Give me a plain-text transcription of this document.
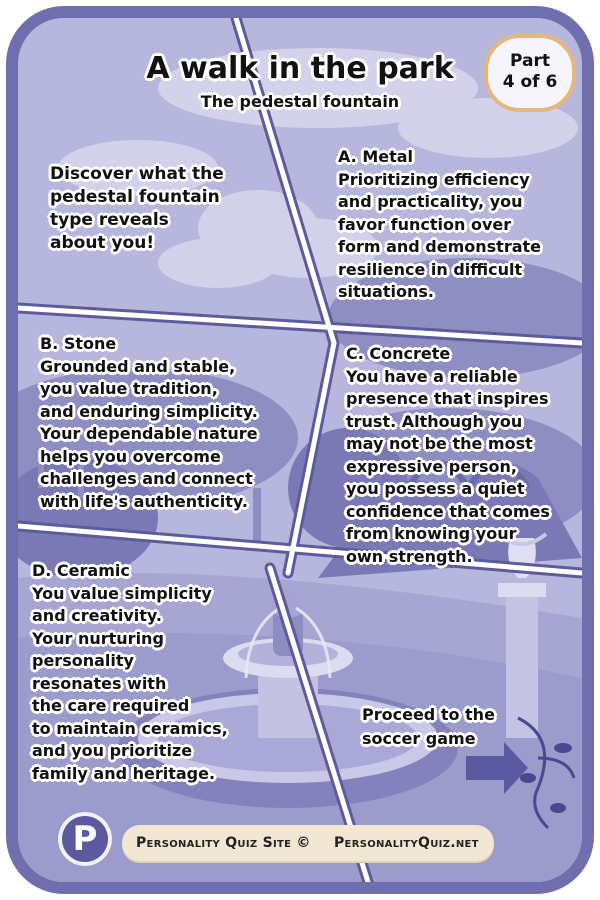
A walk in the park
The pedestal fountain
Part
4 of 6
Discover what the
pedestal fountain
type reveals
about you!
A. Metal
Prioritizing efficiency
and practicality, you
favor function over
form and demonstrate
resilience in difficult
situations.
B. Stone
Grounded and stable,
you value tradition,
and enduring simplicity.
Your dependable nature
helps you overcome
challenges and connect
with life's authenticity.
C. Concrete
You have a reliable
presence that inspires
trust. Although you
may not be the most
expressive person,
you possess a quiet
confidence that comes
from knowing your
own strength.
D. Ceramic
You value simplicity
and creativity.
Your nurturing
personality
resonates with
the care required
to maintain ceramics,
and you prioritize
family and heritage.
Proceed to the
soccer game
P	Personality Quiz Site © PersonalityQuiz.net
